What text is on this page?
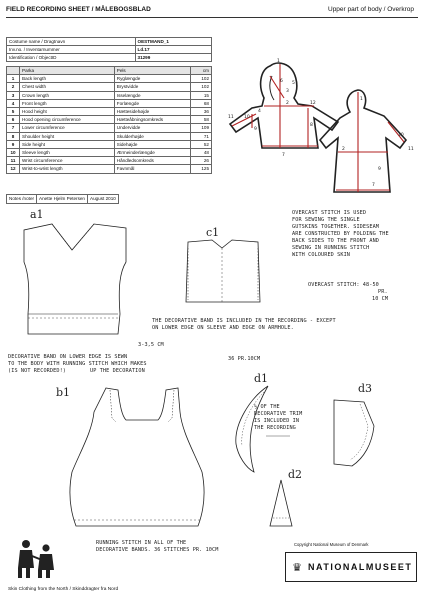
FIELD RECORDING SHEET / MÅLEBOGSBLAD	Upper part of body / Overkrop
Costume name / Dragtnavn	OESTMAND_1
Inv.no. / Inventarnummer	Ld.17
Identification / ObjectID	31299
	Parka	Pels	cm
1	Back length	Ryglængde	102
2	Chest width	Brystvidde	102
3	Crown length	Isselængde	15
4	Front length	Forlængde	68
5	Hood height	Hættesidehøjde	36
6	Hood opening circumference	Hættеåbningsomkreds	58
7	Lower circumference	Undervidde	109
8	Shoulder height	Skulderhøjde	71
9	Side height	Sidehøjde	52
10	Sleeve length	Ærmeinderlængde	48
11	Wrist circumference	Håndledsomkreds	26
12	Wrist-to-wrist length	Favnmål	125
Notes /noter	Anette Hjelm Petersen	August 2010
1
6
3
5
2	12
10
11
4
9
8
7
1
2
10
11
9
7
a1
c1
OVERCAST STITCH IS USED
FOR SEWING THE SINGLE
GUTSKINS TOGETHER. SIDESEAM
ARE CONSTRUCTED BY FOLDING THE
BACK SIDES TO THE FRONT AND
SEWING IN RUNNING STITCH
WITH COLOURED SKIN
OVERCAST STITCH: 48-50
PR.
10 CM
THE DECORATIVE BAND IS INCLUDED IN THE RECORDING - EXCEPT
ON LOWER EDGE ON SLEEVE AND EDGE ON ARMHOLE.
3-3,5 CM
DECORATIVE BAND ON LOWER EDGE IS SEWN
TO THE BODY WITH RUNNING STITCH WHICH MAKES
(IS NOT RECORDED!)	UP THE DECORATION
36 PR.10CM
b1
d1
½ OF THE
DECORATIVE TRIM
IS INCLUDED IN
THE RECORDING
d3
d2
RUNNING STITCH IN ALL OF THE
DECORATIVE BANDS. 36 STITCHES PR. 10CM
Skin Clothing from the North / Skinddragter fra Nord
Copyright National Museum of Denmark
♛ NATIONALMUSEET
